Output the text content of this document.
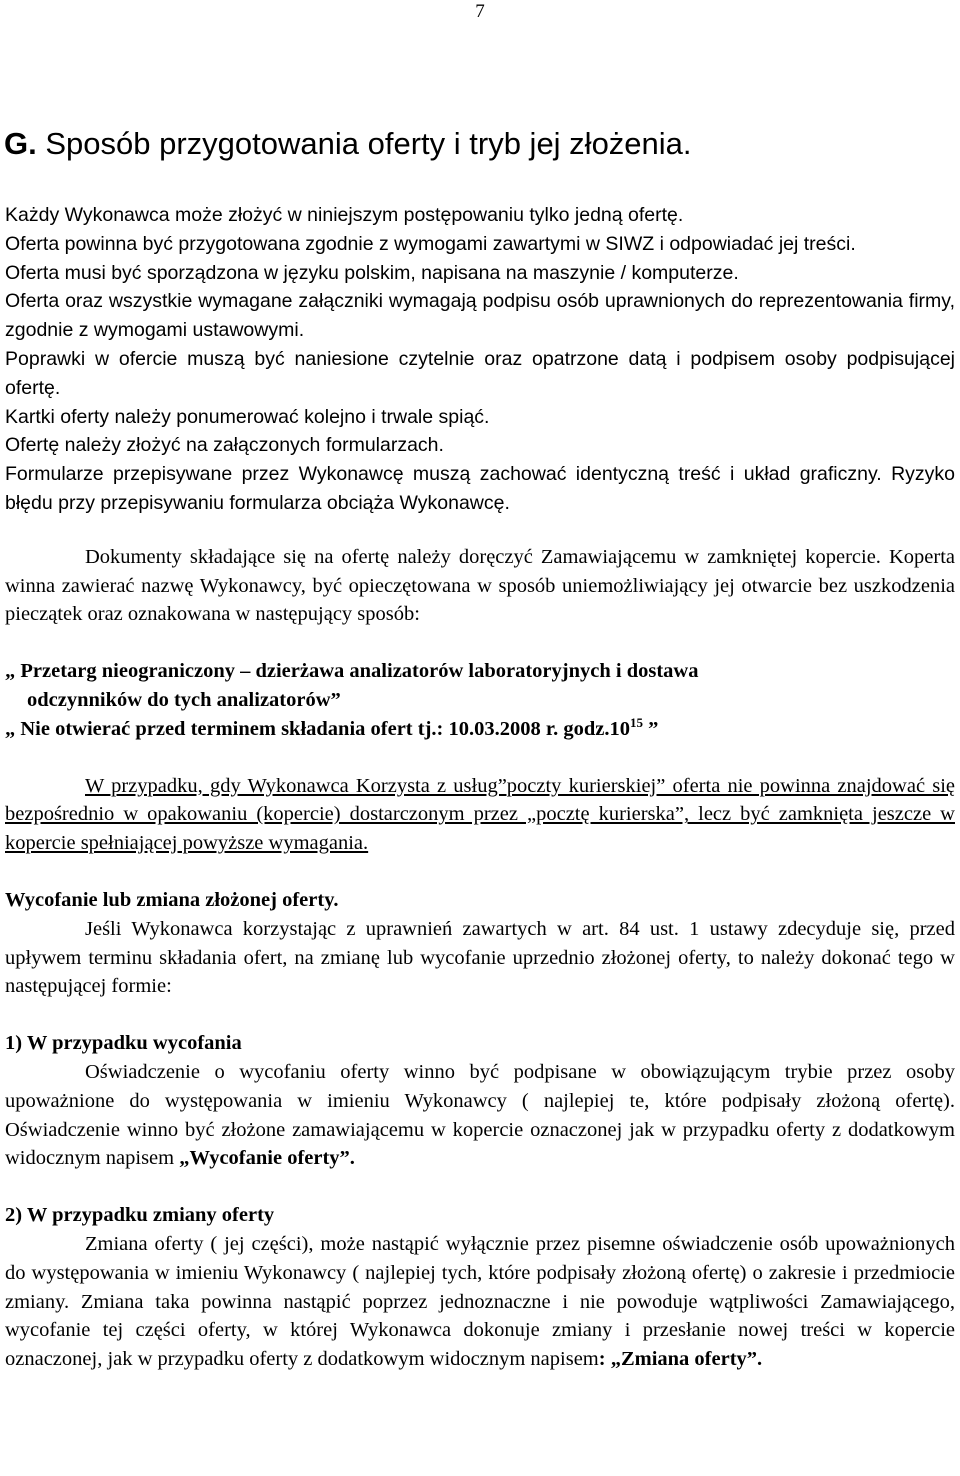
7
G. Sposób przygotowania oferty i tryb jej złożenia.

Każdy Wykonawca może złożyć w niniejszym postępowaniu tylko jedną ofertę.

Oferta powinna być przygotowana zgodnie z wymogami zawartymi w SIWZ i odpowiadać jej treści.

Oferta musi być sporządzona w języku polskim, napisana na maszynie / komputerze.

Oferta oraz wszystkie wymagane załączniki wymagają podpisu osób uprawnionych do reprezentowania firmy, zgodnie z wymogami ustawowymi.

Poprawki w ofercie muszą być naniesione czytelnie oraz opatrzone datą i podpisem osoby podpisującej ofertę.

Kartki oferty należy ponumerować kolejno i trwale spiąć.

Ofertę należy złożyć na załączonych formularzach.

Formularze przepisywane przez Wykonawcę muszą zachować identyczną treść i układ graficzny. Ryzyko błędu przy przepisywaniu formularza obciąża Wykonawcę.

Dokumenty składające się na ofertę należy doręczyć Zamawiającemu w zamkniętej kopercie. Koperta winna zawierać nazwę Wykonawcy, być opieczętowana w sposób uniemożliwiający jej otwarcie bez uszkodzenia pieczątek oraz oznakowana w następujący sposób:

„ Przetarg nieograniczony – dzierżawa analizatorów laboratoryjnych i dostawa

odczynników do tych analizatorów”

„ Nie otwierać przed terminem składania ofert tj.: 10.03.2008 r. $godz.10^{15}$ ”

W przypadku, gdy Wykonawca Korzysta z usług”poczty kurierskiej” oferta nie powinna znajdować się bezpośrednio w opakowaniu (kopercie) dostarczonym przez „pocztę kurierska”, lecz być zamknięta jeszcze w kopercie spełniającej powyższe wymagania.

Wycofanie lub zmiana złożonej oferty.

Jeśli Wykonawca korzystając z uprawnień zawartych w art. 84 ust. 1 ustawy zdecyduje się, przed upływem terminu składania ofert, na zmianę lub wycofanie uprzednio złożonej oferty, to należy dokonać tego w następującej formie:

1) W przypadku wycofania

Oświadczenie o wycofaniu oferty winno być podpisane w obowiązującym trybie przez osoby upoważnione do występowania w imieniu Wykonawcy ( najlepiej te, które podpisały złożoną ofertę). Oświadczenie winno być złożone zamawiającemu w kopercie oznaczonej jak w przypadku oferty z dodatkowym widocznym napisem „Wycofanie oferty”.

2) W przypadku zmiany oferty

Zmiana oferty ( jej części), może nastąpić wyłącznie przez pisemne oświadczenie osób upoważnionych do występowania w imieniu Wykonawcy ( najlepiej tych, które podpisały złożoną ofertę) o zakresie i przedmiocie zmiany. Zmiana taka powinna nastąpić poprzez jednoznaczne i nie powoduje wątpliwości Zamawiającego, wycofanie tej części oferty, w której Wykonawca dokonuje zmiany i przesłanie nowej treści w kopercie oznaczonej, jak w przypadku oferty z dodatkowym widocznym napisem: „Zmiana oferty”.
